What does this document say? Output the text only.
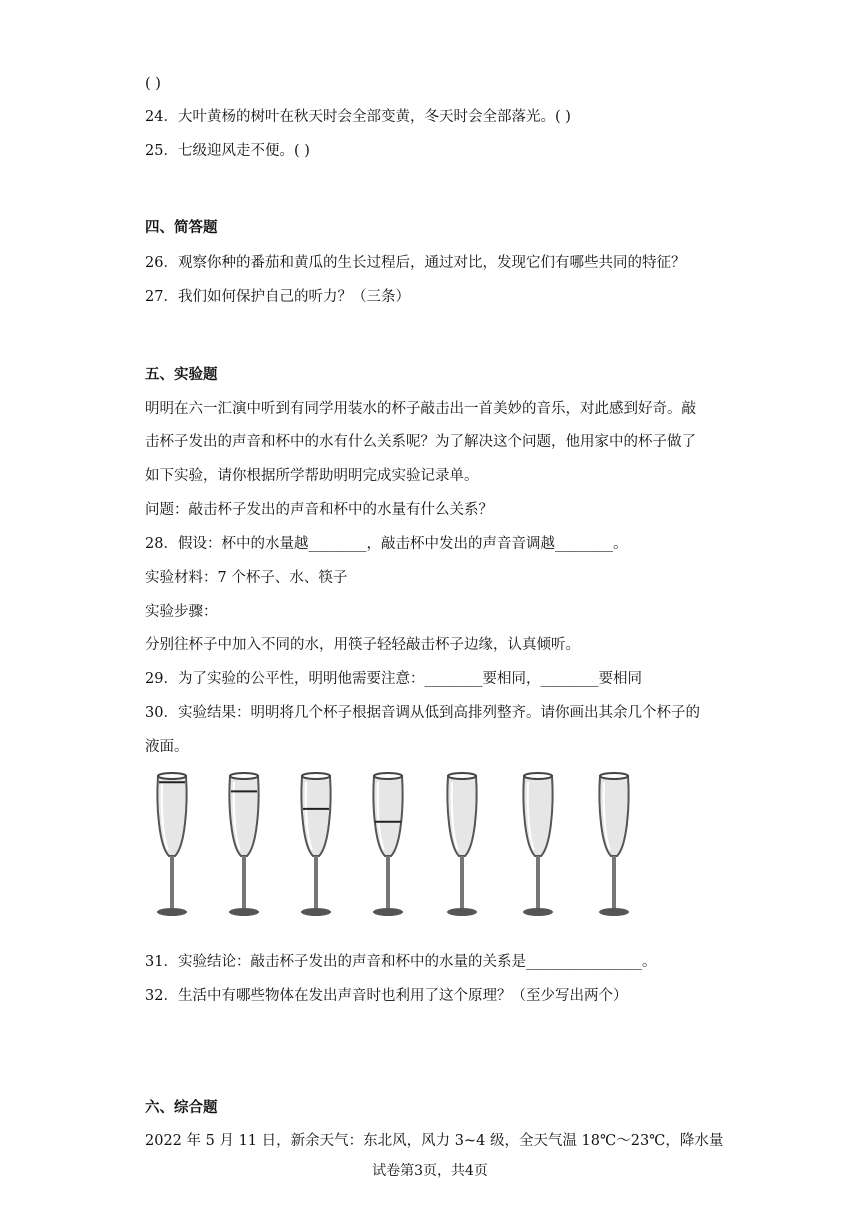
( )
24．大叶黄杨的树叶在秋天时会全部变黄，冬天时会全部落光。( )
25．七级迎风走不便。( )
四、简答题
26．观察你种的番茄和黄瓜的生长过程后，通过对比，发现它们有哪些共同的特征？
27．我们如何保护自己的听力？（三条）
五、实验题
明明在六一汇演中听到有同学用装水的杯子敲击出一首美妙的音乐，对此感到好奇。敲
击杯子发出的声音和杯中的水有什么关系呢？为了解决这个问题，他用家中的杯子做了
如下实验，请你根据所学帮助明明完成实验记录单。
问题：敲击杯子发出的声音和杯中的水量有什么关系？
28．假设：杯中的水量越________，敲击杯中发出的声音音调越________。
实验材料：7 个杯子、水、筷子
实验步骤：
分别往杯子中加入不同的水，用筷子轻轻敲击杯子边缘，认真倾听。
29．为了实验的公平性，明明他需要注意：________要相同，________要相同
30．实验结果：明明将几个杯子根据音调从低到高排列整齐。请你画出其余几个杯子的
液面。
31．实验结论：敲击杯子发出的声音和杯中的水量的关系是________________。
32．生活中有哪些物体在发出声音时也利用了这个原理？（至少写出两个）
六、综合题
2022 年 5 月 11 日，新余天气：东北风，风力 3~4 级，全天气温 18℃～23℃，降水量
试卷第3页，共4页
